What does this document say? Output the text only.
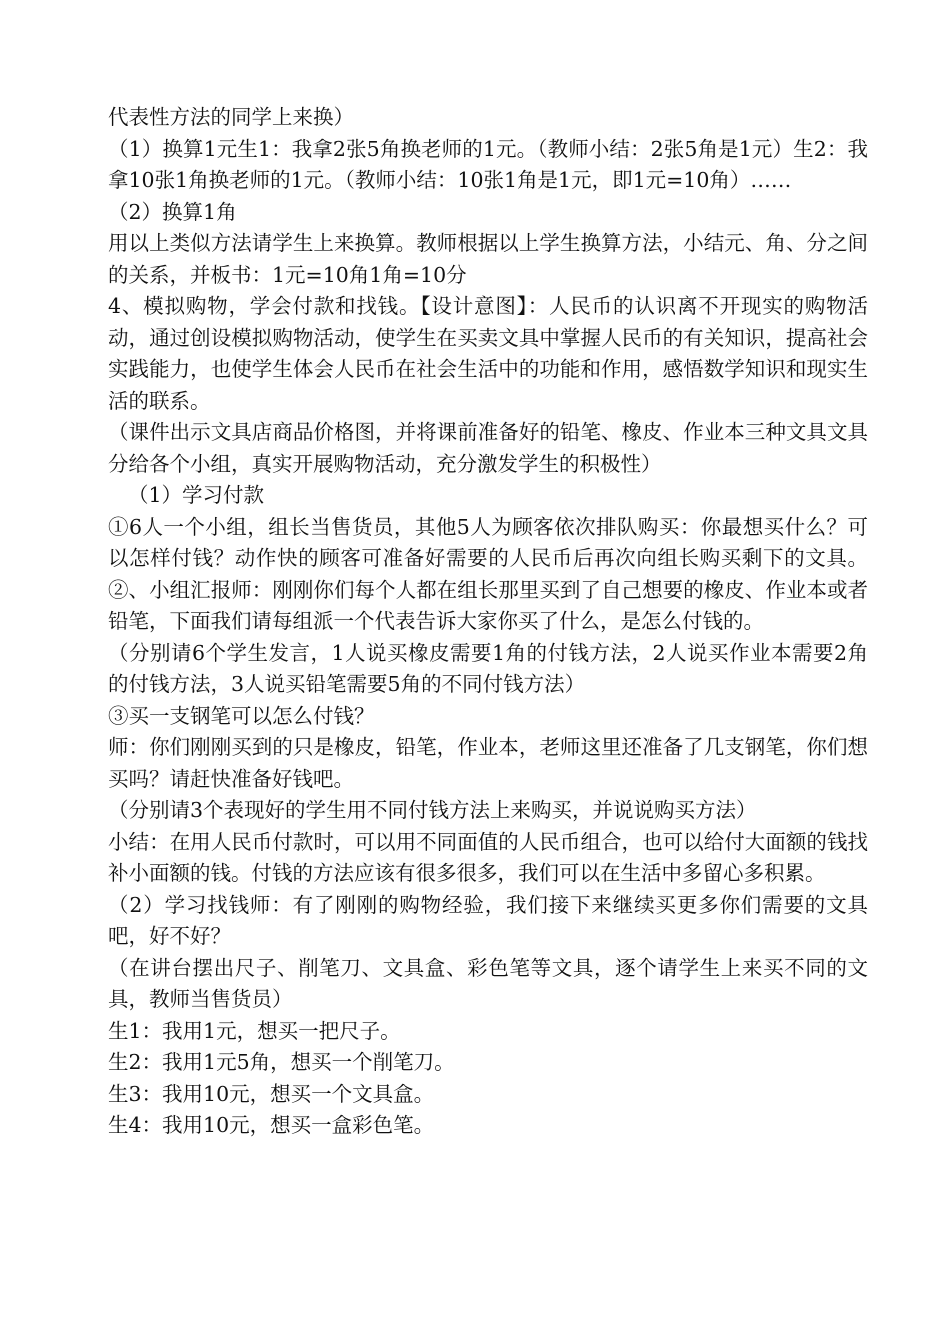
代表性方法的同学上来换）

（1）换算1元生1：我拿2张5角换老师的1元。（教师小结：2张5角是1元）生2：我拿10张1角换老师的1元。（教师小结：10张1角是1元，即1元=10角）……

（2）换算1角

用以上类似方法请学生上来换算。教师根据以上学生换算方法，小结元、角、分之间的关系，并板书：1元=10角1角=10分

4、模拟购物，学会付款和找钱。【设计意图】：人民币的认识离不开现实的购物活动，通过创设模拟购物活动，使学生在买卖文具中掌握人民币的有关知识，提高社会实践能力，也使学生体会人民币在社会生活中的功能和作用，感悟数学知识和现实生活的联系。

（课件出示文具店商品价格图，并将课前准备好的铅笔、橡皮、作业本三种文具文具分给各个小组，真实开展购物活动，充分激发学生的积极性）

（1）学习付款

①6人一个小组，组长当售货员，其他5人为顾客依次排队购买：你最想买什么？可以怎样付钱？动作快的顾客可准备好需要的人民币后再次向组长购买剩下的文具。②、小组汇报师：刚刚你们每个人都在组长那里买到了自己想要的橡皮、作业本或者铅笔，下面我们请每组派一个代表告诉大家你买了什么，是怎么付钱的。

（分别请6个学生发言，1人说买橡皮需要1角的付钱方法，2人说买作业本需要2角的付钱方法，3人说买铅笔需要5角的不同付钱方法）

③买一支钢笔可以怎么付钱？

师：你们刚刚买到的只是橡皮，铅笔，作业本，老师这里还准备了几支钢笔，你们想买吗？请赶快准备好钱吧。

（分别请3个表现好的学生用不同付钱方法上来购买，并说说购买方法）

小结：在用人民币付款时，可以用不同面值的人民币组合，也可以给付大面额的钱找补小面额的钱。付钱的方法应该有很多很多，我们可以在生活中多留心多积累。

（2）学习找钱师：有了刚刚的购物经验，我们接下来继续买更多你们需要的文具吧，好不好？

（在讲台摆出尺子、削笔刀、文具盒、彩色笔等文具，逐个请学生上来买不同的文具，教师当售货员）

生1：我用1元，想买一把尺子。

生2：我用1元5角，想买一个削笔刀。

生3：我用10元，想买一个文具盒。

生4：我用10元，想买一盒彩色笔。
